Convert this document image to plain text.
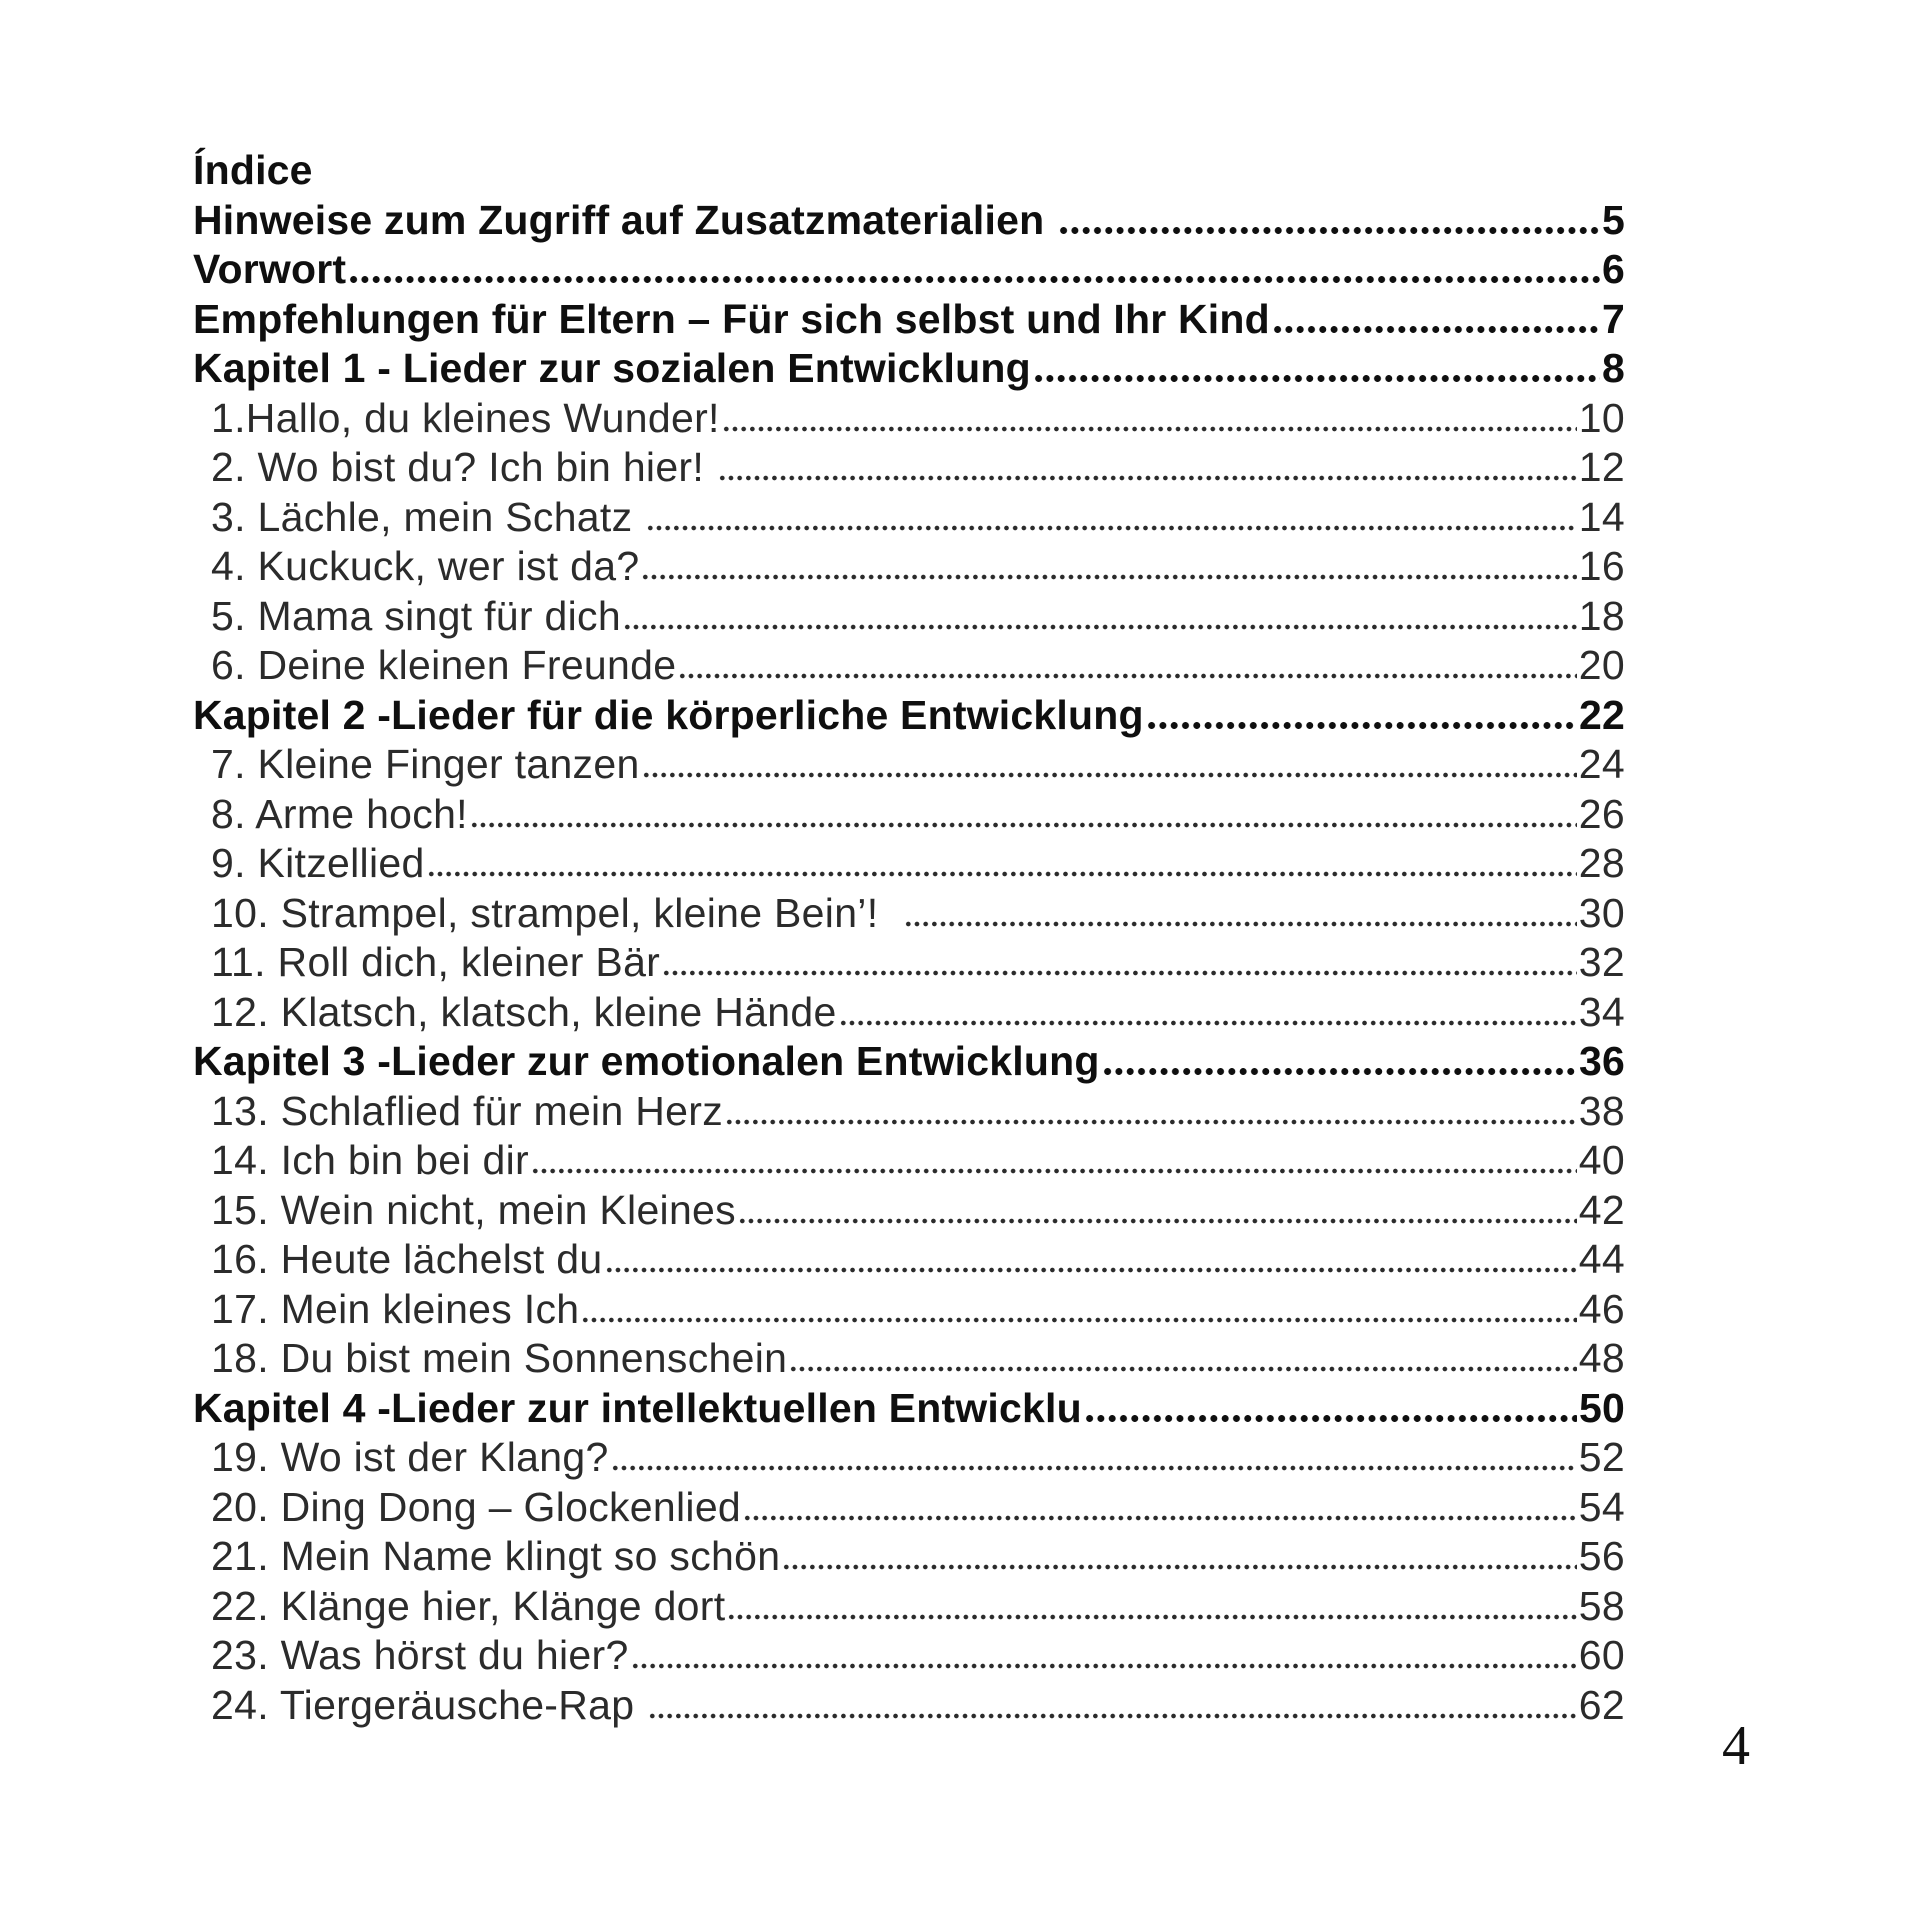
Índice
Hinweise zum Zugriff auf Zusatzmaterialien	5
Vorwort	6
Empfehlungen für Eltern – Für sich selbst und Ihr Kind	7
Kapitel 1 - Lieder zur sozialen Entwicklung	8
1.Hallo, du kleines Wunder!	10
2. Wo bist du? Ich bin hier!	12
3. Lächle, mein Schatz	14
4. Kuckuck, wer ist da?	16
5. Mama singt für dich	18
6. Deine kleinen Freunde	20
Kapitel 2 -Lieder für die körperliche Entwicklung	22
7. Kleine Finger tanzen	24
8. Arme hoch!	26
9. Kitzellied	28
10. Strampel, strampel, kleine Bein’!	30
11. Roll dich, kleiner Bär	32
12. Klatsch, klatsch, kleine Hände	34
Kapitel 3 -Lieder zur emotionalen Entwicklung	36
13. Schlaflied für mein Herz	38
14. Ich bin bei dir	40
15. Wein nicht, mein Kleines	42
16. Heute lächelst du	44
17. Mein kleines Ich	46
18. Du bist mein Sonnenschein	48
Kapitel 4 -Lieder zur intellektuellen Entwicklu	50
19. Wo ist der Klang?	52
20. Ding Dong – Glockenlied	54
21. Mein Name klingt so schön	56
22. Klänge hier, Klänge dort	58
23. Was hörst du hier?	60
24. Tiergeräusche-Rap	62
4
